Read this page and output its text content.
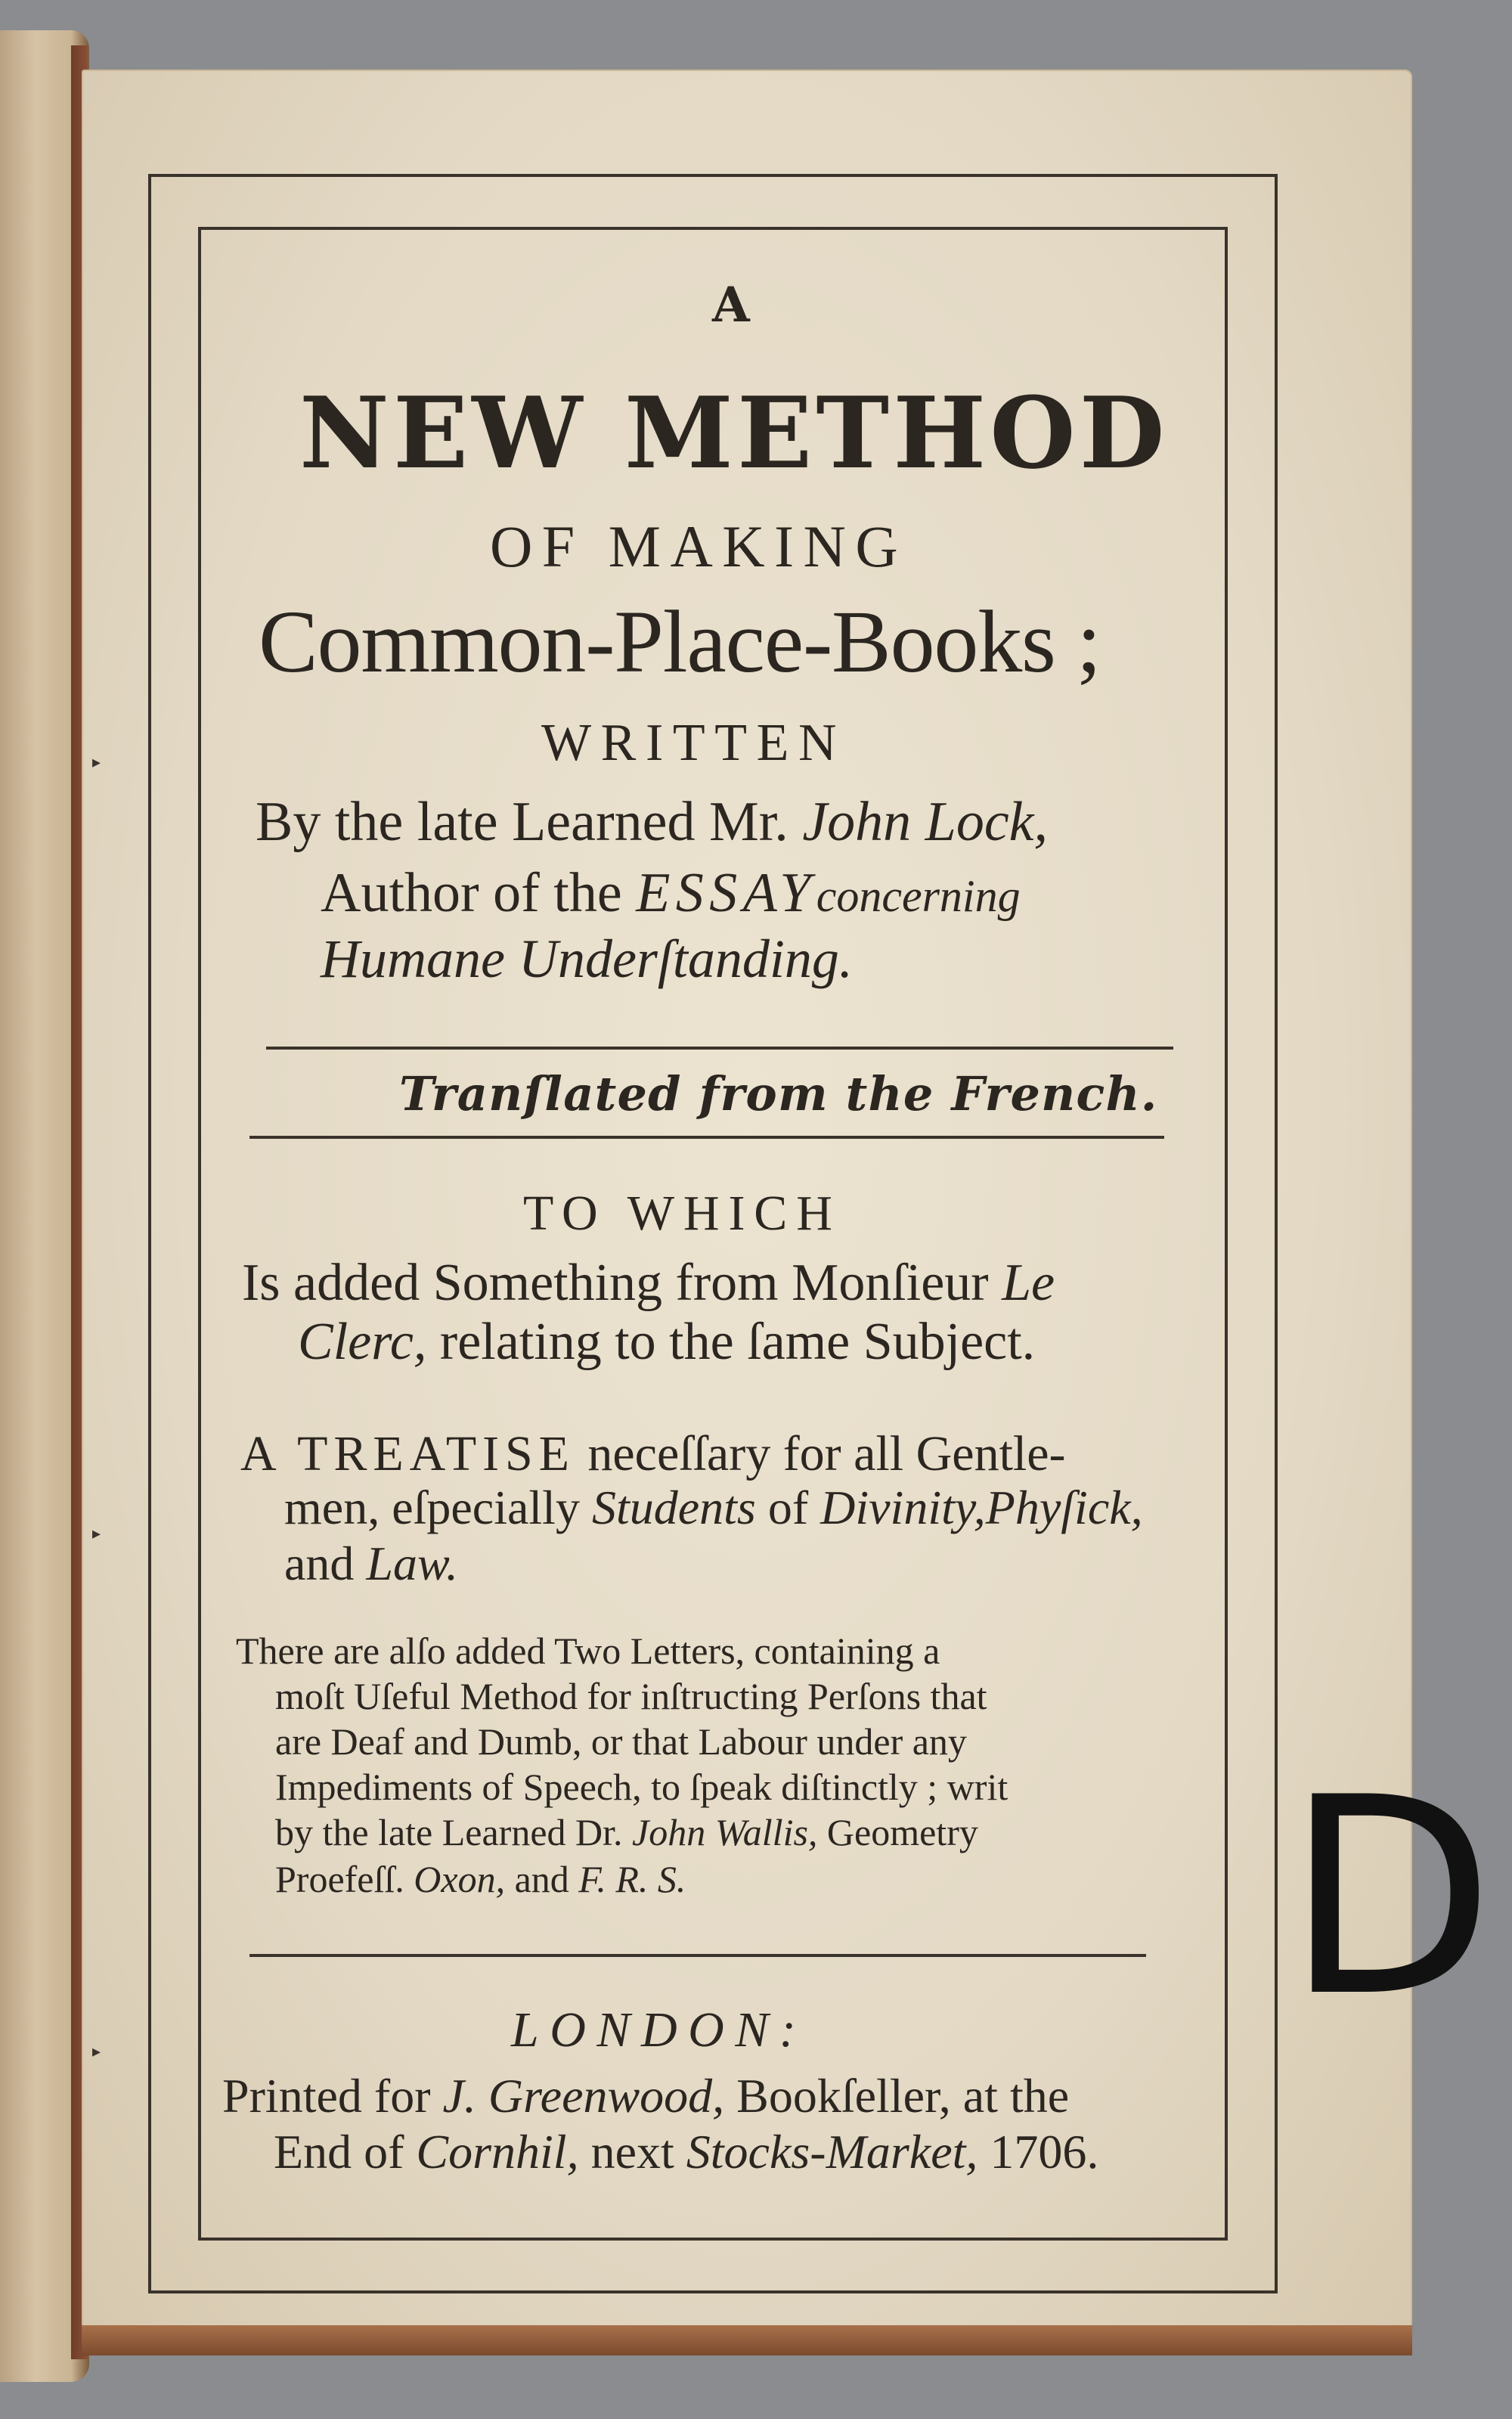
▸
▸
▸
A
NEW METHOD
OF MAKING
Common-Place-Books ;
WRITTEN
By the late Learned Mr. John Lock,
Author of the ESSAYconcerning
Humane Underſtanding.
Tranſlated from the French.
TO WHICH
Is added Something from Monſieur Le
Clerc, relating to the ſame Subject.
A TREATISE neceſſary for all Gentle-
men, eſpecially Students of Divinity,Phyſick,
and Law.
There are alſo added Two Letters, containing a
moſt Uſeful Method for inſtructing Perſons that
are Deaf and Dumb, or that Labour under any
Impediments of Speech, to ſpeak diſtinctly ; writ
by the late Learned Dr. John Wallis, Geometry
Proefeſſ. Oxon, and F. R. S.
LONDON:
Printed for J. Greenwood, Bookſeller, at the
End of Cornhil, next Stocks-Market, 1706.
D
